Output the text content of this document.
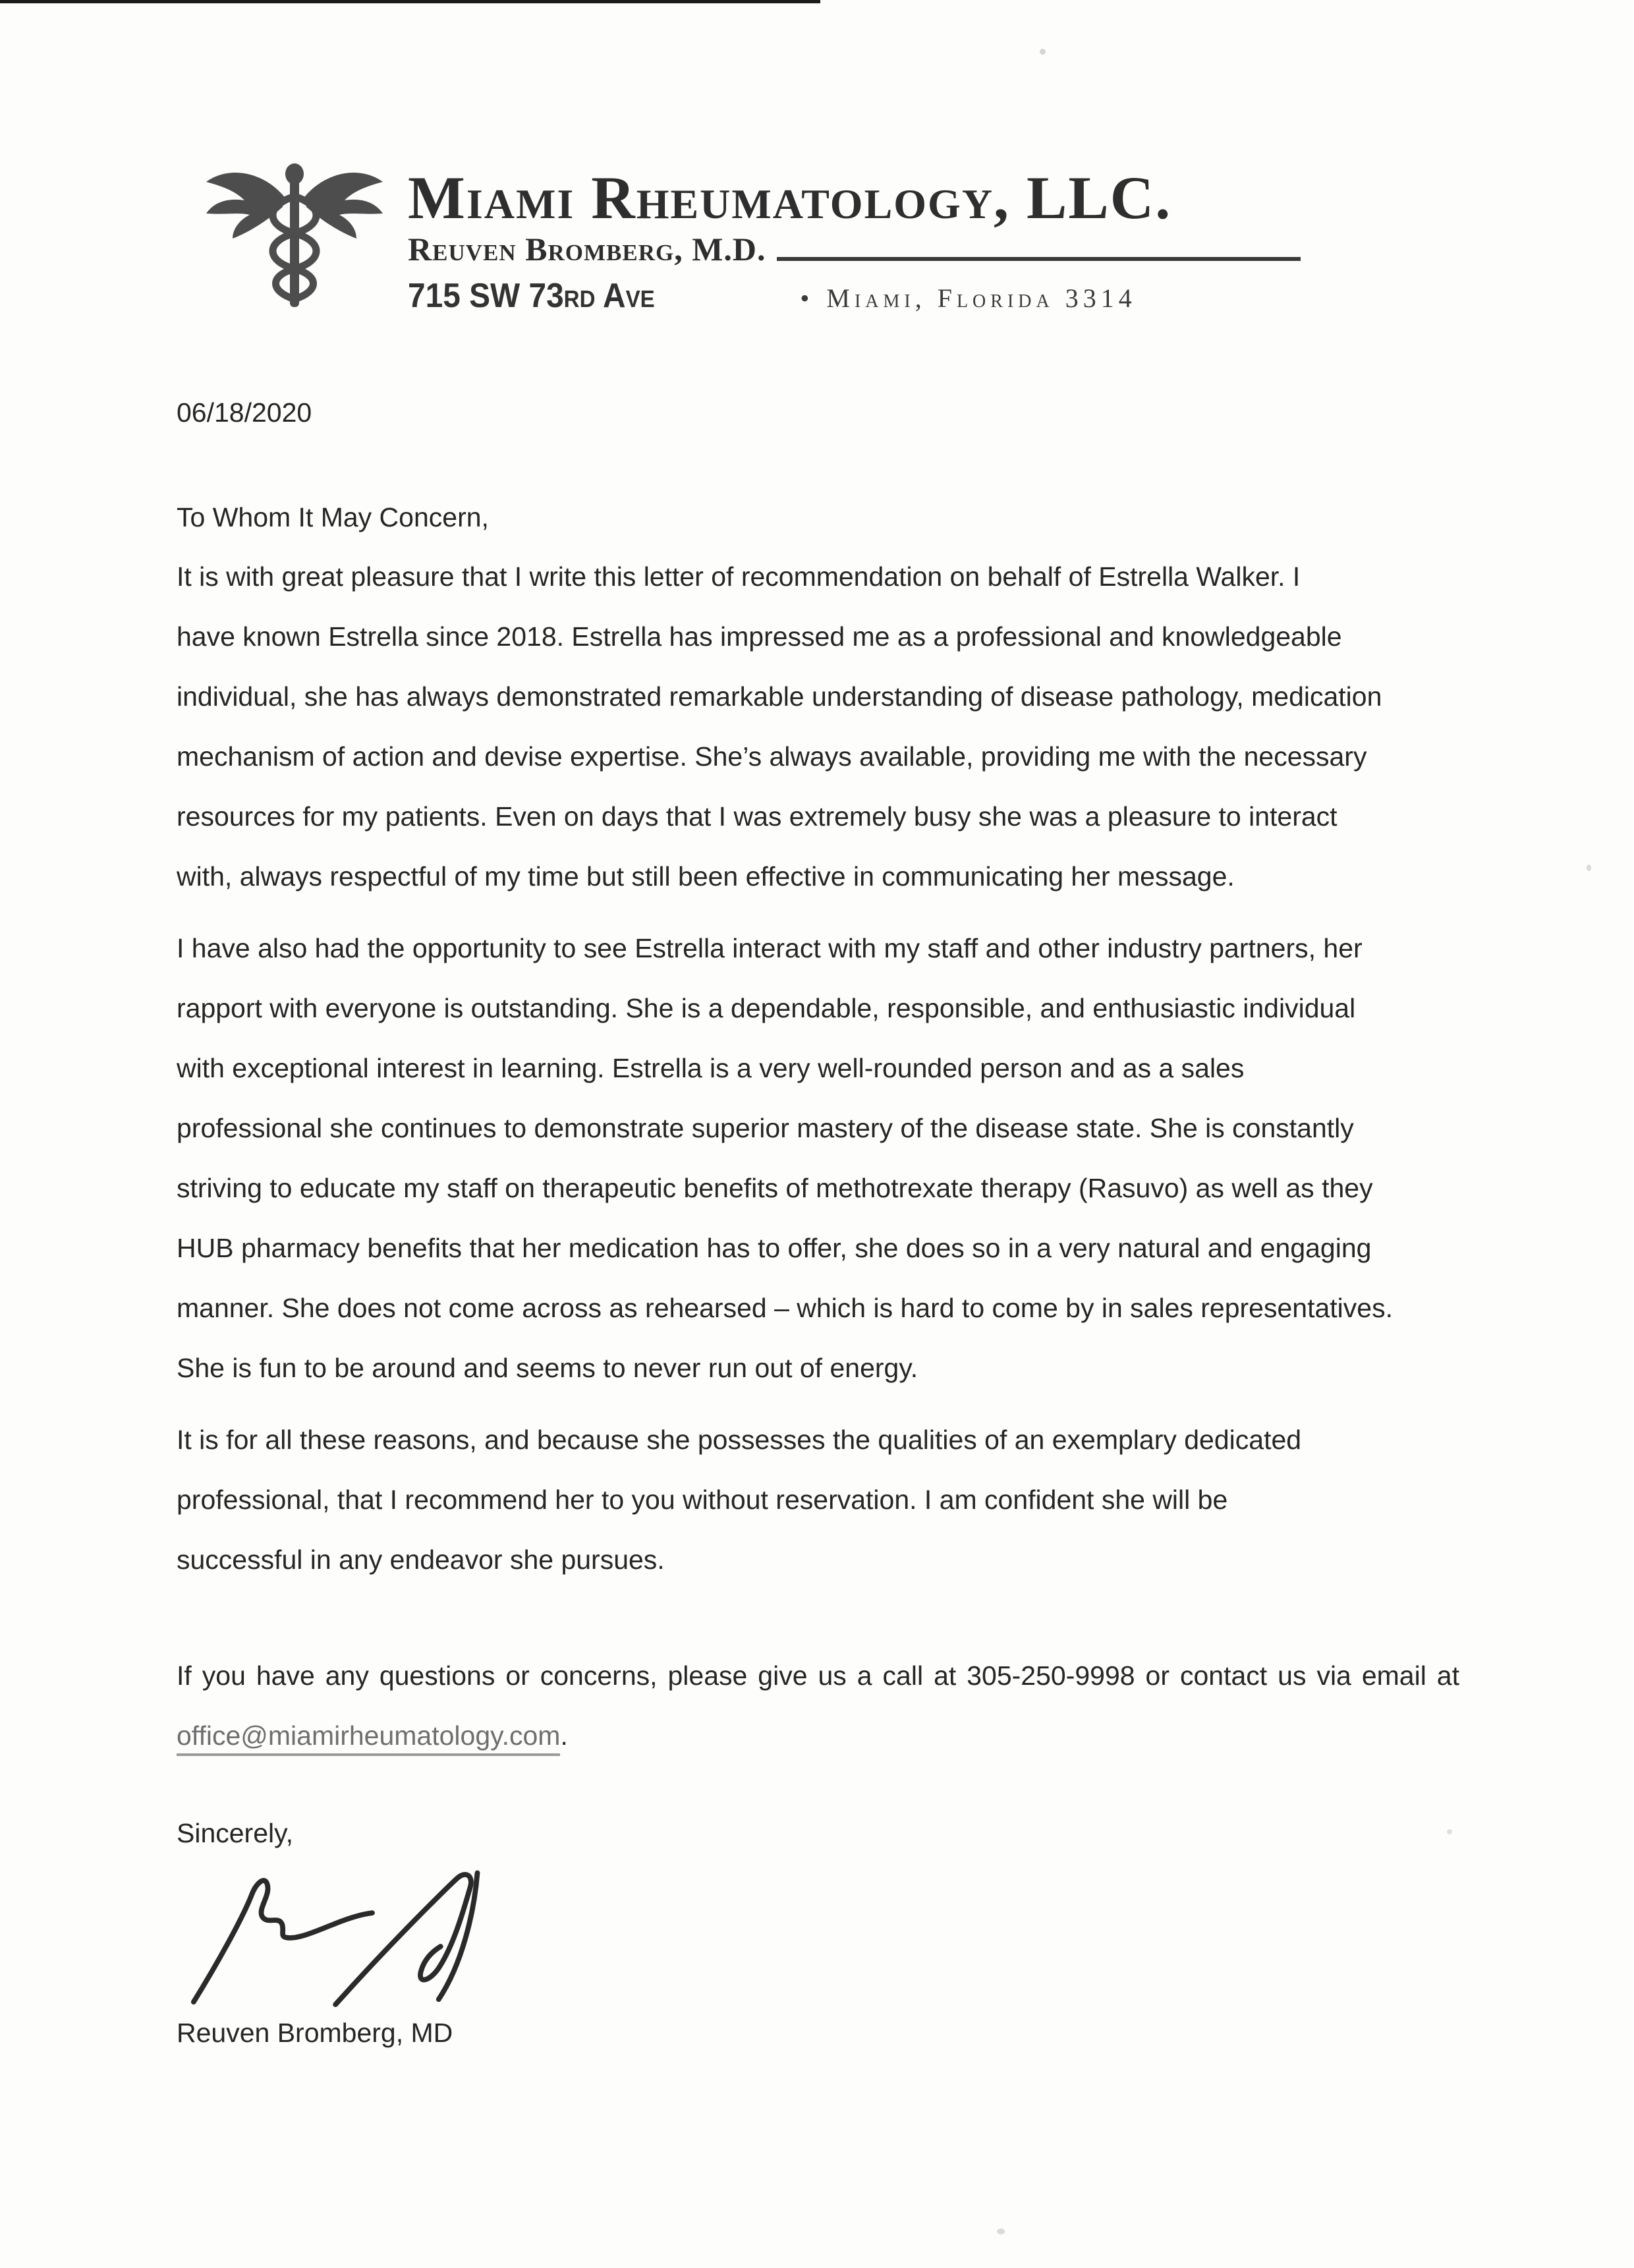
Miami Rheumatology, LLC.
Reuven Bromberg, M.D.
715 SW 73rd Ave	• Miami, Florida 3314
06/18/2020
To Whom It May Concern,
It is with great pleasure that I write this letter of recommendation on behalf of Estrella Walker. I
have known Estrella since 2018. Estrella has impressed me as a professional and knowledgeable
individual, she has always demonstrated remarkable understanding of disease pathology, medication
mechanism of action and devise expertise. She’s always available, providing me with the necessary
resources for my patients. Even on days that I was extremely busy she was a pleasure to interact
with, always respectful of my time but still been effective in communicating her message.
I have also had the opportunity to see Estrella interact with my staff and other industry partners, her
rapport with everyone is outstanding. She is a dependable, responsible, and enthusiastic individual
with exceptional interest in learning. Estrella is a very well-rounded person and as a sales
professional she continues to demonstrate superior mastery of the disease state. She is constantly
striving to educate my staff on therapeutic benefits of methotrexate therapy (Rasuvo) as well as they
HUB pharmacy benefits that her medication has to offer, she does so in a very natural and engaging
manner. She does not come across as rehearsed – which is hard to come by in sales representatives.
She is fun to be around and seems to never run out of energy.
It is for all these reasons, and because she possesses the qualities of an exemplary dedicated
professional, that I recommend her to you without reservation. I am confident she will be
successful in any endeavor she pursues.
If you have any questions or concerns, please give us a call at 305-250-9998 or contact us via email at
office@miamirheumatology.com.
Sincerely,
Reuven Bromberg, MD
